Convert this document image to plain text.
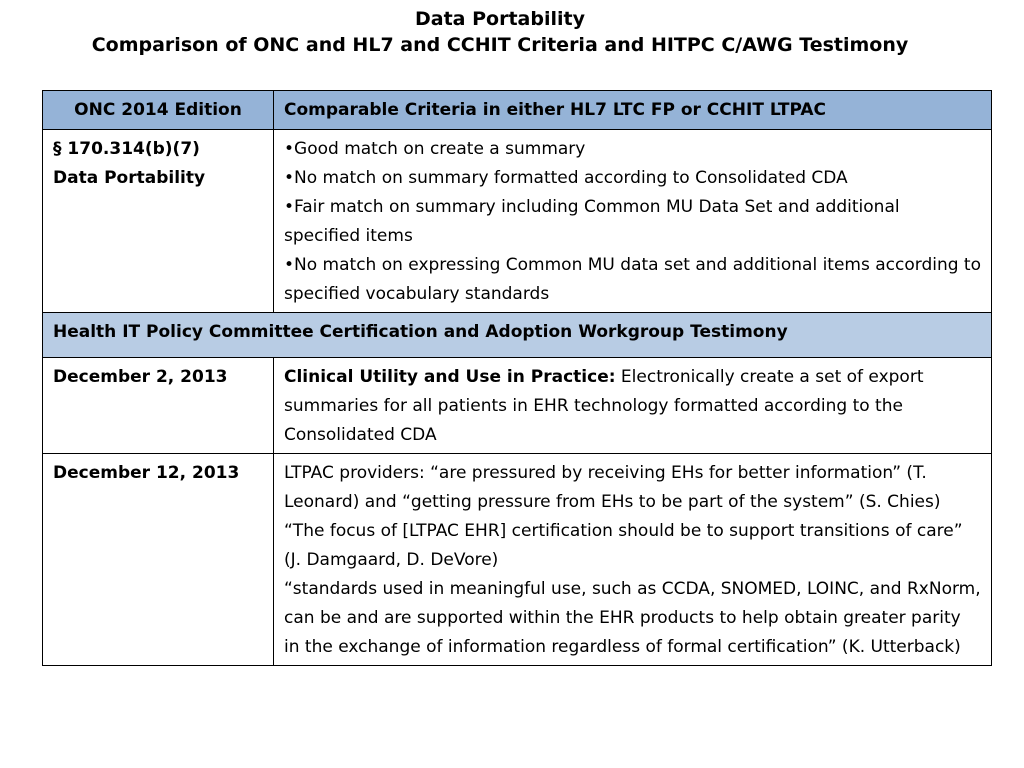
Data Portability
Comparison of ONC and HL7 and CCHIT Criteria and HITPC C/AWG Testimony
ONC 2014 Edition	Comparable Criteria in either HL7 LTC FP or CCHIT LTPAC

§ 170.314(b)(7)
Data Portability	•Good match on create a summary
•No match on summary formatted according to Consolidated CDA
•Fair match on summary including Common MU Data Set and additional specified items
•No match on expressing Common MU data set and additional items according to specified vocabulary standards

Health IT Policy Committee Certification and Adoption Workgroup Testimony	
December 2, 2013	Clinical Utility and Use in Practice: Electronically create a set of export summaries for all patients in EHR technology formatted according to the Consolidated CDA
December 12, 2013	LTPAC providers: “are pressured by receiving EHs for better information” (T. Leonard) and “getting pressure from EHs to be part of the system” (S. Chies)
“The focus of [LTPAC EHR] certification should be to support transitions of care” (J. Damgaard, D. DeVore)
“standards used in meaningful use, such as CCDA, SNOMED, LOINC, and RxNorm, can be and are supported within the EHR products to help obtain greater parity in the exchange of information regardless of formal certification” (K. Utterback)
